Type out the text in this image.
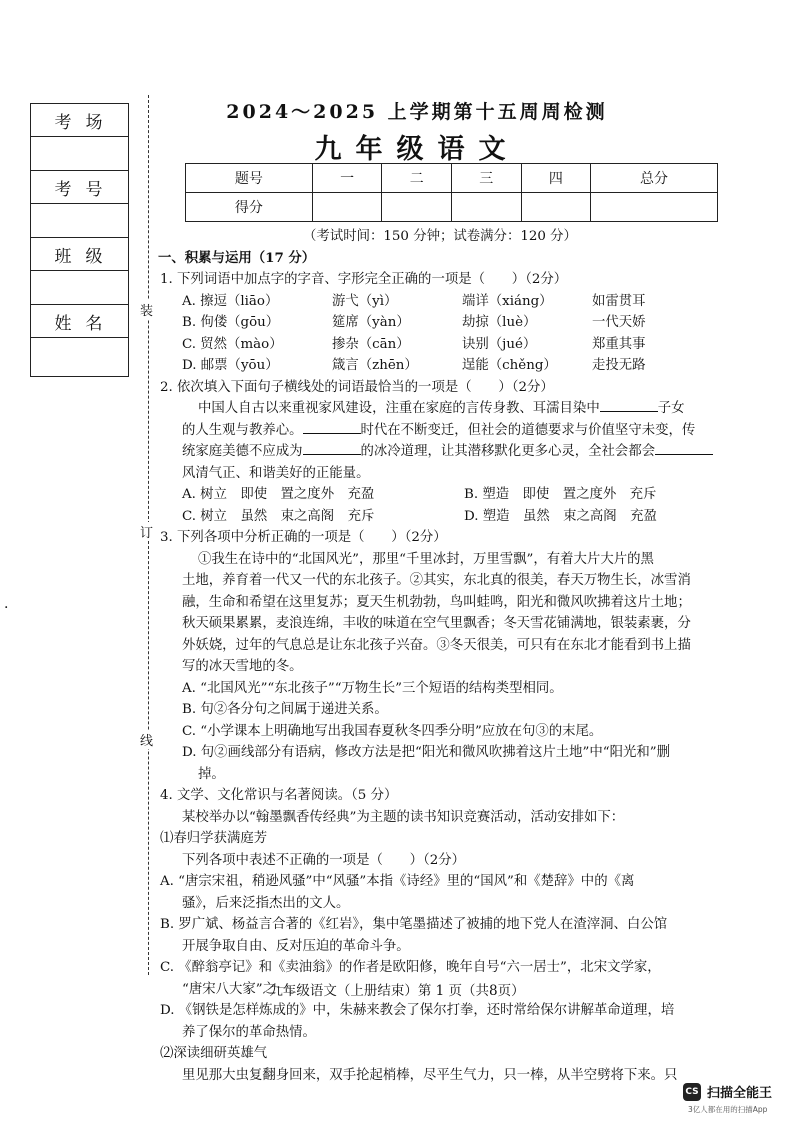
考场
考号
班级
姓名
装
订
线
·
2024～2025 上学期第十五周周检测
九年级语文
题号	一	二	三	四	总分
得分					

（考试时间：150 分钟；试卷满分：120 分）

一、积累与运用（17 分）

1. 下列词语中加点字的字音、字形完全正确的一项是（　　）（2分）

A. 擦逗（liāo）	游弋（yì）	端详（xiáng）	如雷贯耳
B. 佝偻（gōu）	筵席（yàn）	劫掠（luè）	一代天娇
C. 贸然（mào）	掺杂（cān）	诀别（jué）	郑重其事
D. 邮票（yōu）	箴言（zhēn）	逞能（chěng）	走投无路

2. 依次填入下面句子横线处的词语最恰当的一项是（　　）（2分）

中国人自古以来重视家风建设，注重在家庭的言传身教、耳濡目染中	子女

的人生观与教养心。	时代在不断变迁，但社会的道德要求与价值坚守未变，传

统家庭美德不应成为	的冰冷道理，让其潜移默化更多心灵，全社会都会

风清气正、和谐美好的正能量。

A. 树立　即使　置之度外　充盈	B. 塑造　即使　置之度外　充斥
C. 树立　虽然　束之高阁　充斥	D. 塑造　虽然　束之高阁　充盈

3. 下列各项中分析正确的一项是（　　）（2分）

①我生在诗中的“北国风光”，那里“千里冰封，万里雪飘”，有着大片大片的黑

土地，养育着一代又一代的东北孩子。②其实，东北真的很美，春天万物生长，冰雪消

融，生命和希望在这里复苏；夏天生机勃勃，鸟叫蛙鸣，阳光和微风吹拂着这片土地；

秋天硕果累累，麦浪连绵，丰收的味道在空气里飘香；冬天雪花铺满地，银装素裹，分

外妖娆，过年的气息总是让东北孩子兴奋。③冬天很美，可只有在东北才能看到书上描

写的冰天雪地的冬。

A. “北国风光”“东北孩子”“万物生长”三个短语的结构类型相同。

B. 句②各分句之间属于递进关系。

C. “小学课本上明确地写出我国春夏秋冬四季分明”应放在句③的末尾。

D. 句②画线部分有语病，修改方法是把“阳光和微风吹拂着这片土地”中“阳光和”删

掉。

4. 文学、文化常识与名著阅读。（5 分）

某校举办以“翰墨飘香传经典”为主题的读书知识竞赛活动，活动安排如下：

⑴春归学获满庭芳

下列各项中表述不正确的一项是（　　）（2分）

A. “唐宗宋祖，稍逊风骚”中“风骚”本指《诗经》里的“国风”和《楚辞》中的《离

骚》，后来泛指杰出的文人。

B. 罗广斌、杨益言合著的《红岩》，集中笔墨描述了被捕的地下党人在渣滓洞、白公馆

开展争取自由、反对压迫的革命斗争。

C. 《醉翁亭记》和《卖油翁》的作者是欧阳修，晚年自号“六一居士”，北宋文学家，

“唐宋八大家”之一。

D. 《钢铁是怎样炼成的》中，朱赫来教会了保尔打拳，还时常给保尔讲解革命道理，培

养了保尔的革命热情。

⑵深读细研英雄气

里见那大虫复翻身回来，双手抡起梢棒，尽平生气力，只一棒，从半空劈将下来。只

九年级语文（上册结束）第 1 页（共8页）
CS 扫描全能王
3亿人都在用的扫描App
